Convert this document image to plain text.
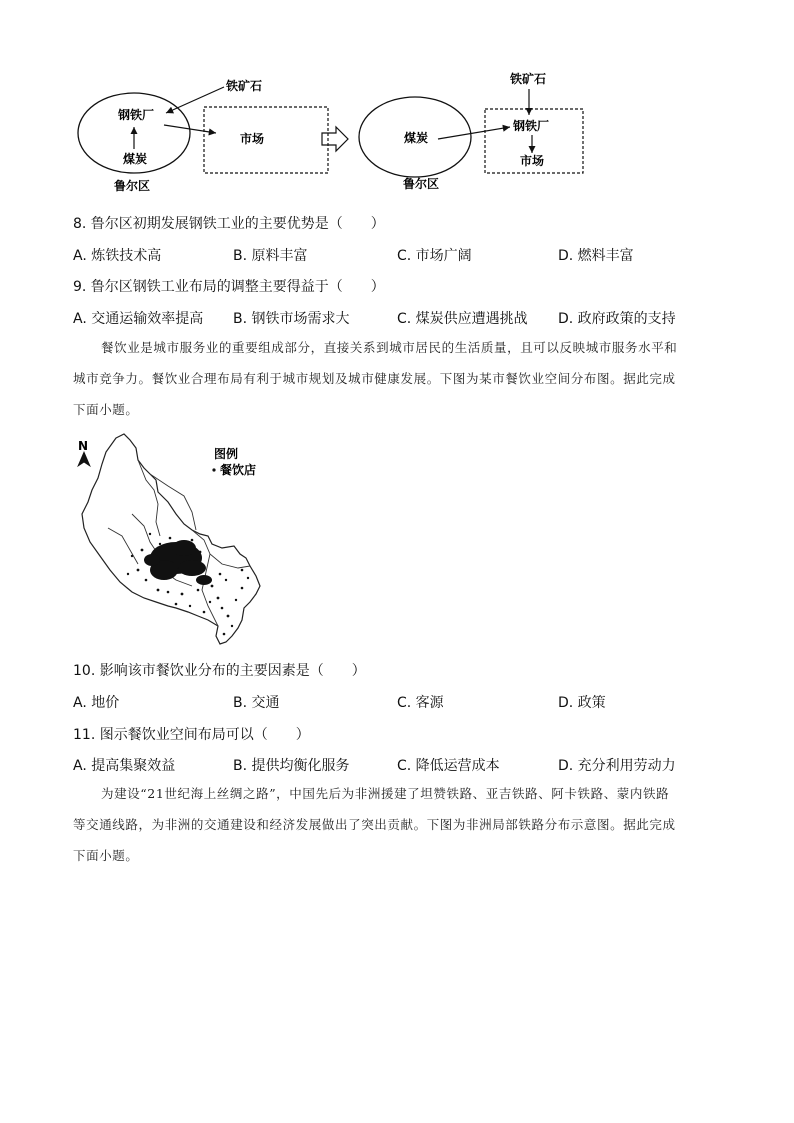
铁矿石
钢铁厂
煤炭
市场
鲁尔区
铁矿石
煤炭
钢铁厂
市场
鲁尔区
8. 鲁尔区初期发展钢铁工业的主要优势是（　　）
A. 炼铁技术高	B. 原料丰富	C. 市场广阔	D. 燃料丰富
9. 鲁尔区钢铁工业布局的调整主要得益于（　　）
A. 交通运输效率提高 B. 钢铁市场需求大	C. 煤炭供应遭遇挑战 D. 政府政策的支持
餐饮业是城市服务业的重要组成部分，直接关系到城市居民的生活质量，且可以反映城市服务水平和
城市竞争力。餐饮业合理布局有利于城市规划及城市健康发展。下图为某市餐饮业空间分布图。据此完成
下面小题。
N
图例
餐饮店
10. 影响该市餐饮业分布的主要因素是（　　）
A. 地价	B. 交通	C. 客源	D. 政策
11. 图示餐饮业空间布局可以（　　）
A. 提高集聚效益	B. 提供均衡化服务	C. 降低运营成本	D. 充分利用劳动力
为建设“21世纪海上丝绸之路”，中国先后为非洲援建了坦赞铁路、亚吉铁路、阿卡铁路、蒙内铁路
等交通线路，为非洲的交通建设和经济发展做出了突出贡献。下图为非洲局部铁路分布示意图。据此完成
下面小题。
